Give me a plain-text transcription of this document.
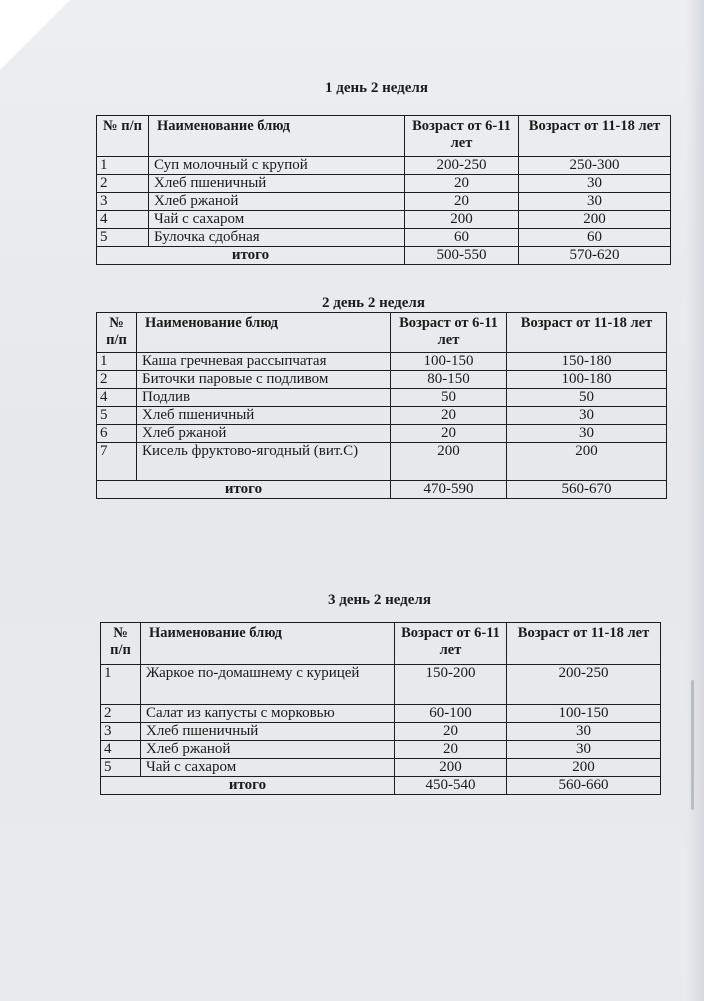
1 день 2 неделя
№ п/п	Наименование блюд	Возраст от 6-11 лет	Возраст от 11-18 лет
1	Суп молочный с крупой	200-250	250-300
2	Хлеб пшеничный	20	30
3	Хлеб ржаной	20	30
4	Чай с сахаром	200	200
5	Булочка сдобная	60	60
итого		500-550	570-620
2 день 2 неделя
№ п/п	Наименование блюд	Возраст от 6-11 лет	Возраст от 11-18 лет
1	Каша гречневая рассыпчатая	100-150	150-180
2	Биточки паровые с подливом	80-150	100-180
4	Подлив	50	50
5	Хлеб пшеничный	20	30
6	Хлеб ржаной	20	30
7	Кисель фруктово-ягодный (вит.С)	200	200
итого		470-590	560-670
3 день 2 неделя
№ п/п	Наименование блюд	Возраст от 6-11 лет	Возраст от 11-18 лет
1	Жаркое по-домашнему с курицей	150-200	200-250
2	Салат из капусты с морковью	60-100	100-150
3	Хлеб пшеничный	20	30
4	Хлеб ржаной	20	30
5	Чай с сахаром	200	200
итого		450-540	560-660
